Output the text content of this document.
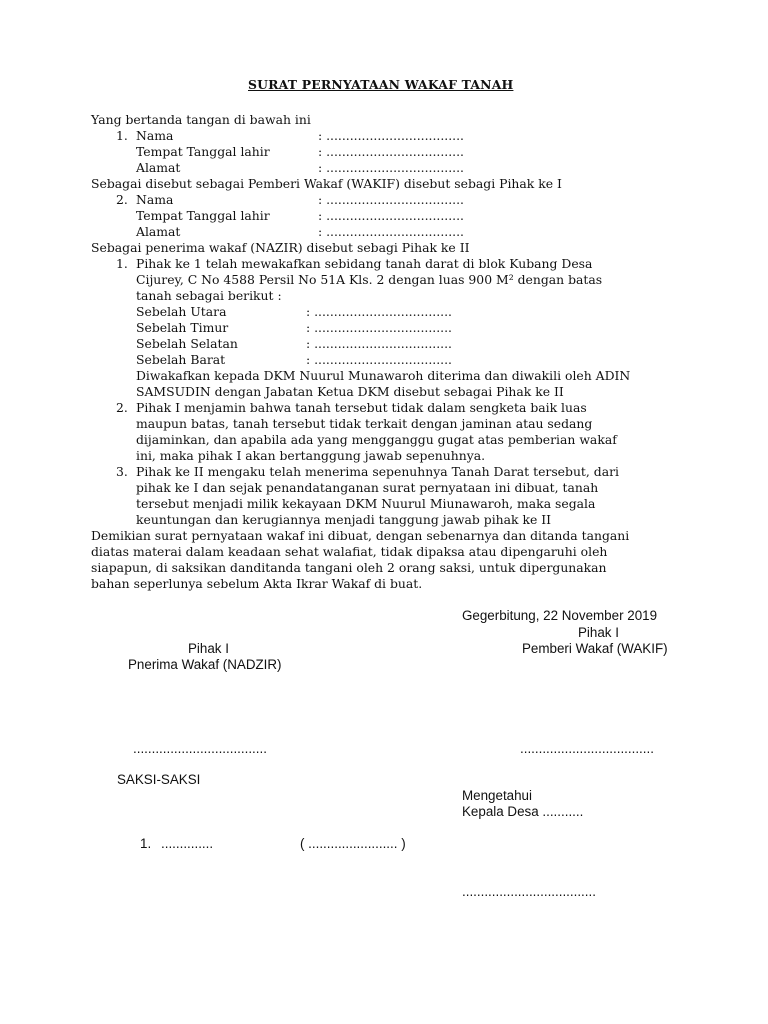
SURAT PERNYATAAN WAKAF TANAH
Yang bertanda tangan di bawah ini
1. Nama	: ...................................
Tempat Tanggal lahir	: ...................................
Alamat	: ...................................
Sebagai disebut sebagai Pemberi Wakaf (WAKIF) disebut sebagi Pihak ke I
2. Nama	: ...................................
Tempat Tanggal lahir	: ...................................
Alamat	: ...................................
Sebagai penerima wakaf (NAZIR) disebut sebagi Pihak ke II
1. Pihak ke 1 telah mewakafkan sebidang tanah darat di blok Kubang Desa
Cijurey, C No 4588 Persil No 51A Kls. 2 dengan luas 900 M² dengan batas
tanah sebagai berikut :
Sebelah Utara	: ...................................
Sebelah Timur	: ...................................
Sebelah Selatan	: ...................................
Sebelah Barat	: ...................................
Diwakafkan kepada DKM Nuurul Munawaroh diterima dan diwakili oleh ADIN
SAMSUDIN dengan Jabatan Ketua DKM disebut sebagai Pihak ke II
2. Pihak I menjamin bahwa tanah tersebut tidak dalam sengketa baik luas
maupun batas, tanah tersebut tidak terkait dengan jaminan atau sedang
dijaminkan, dan apabila ada yang mengganggu gugat atas pemberian wakaf
ini, maka pihak I akan bertanggung jawab sepenuhnya.
3. Pihak ke II mengaku telah menerima sepenuhnya Tanah Darat tersebut, dari
pihak ke I dan sejak penandatanganan surat pernyataan ini dibuat, tanah
tersebut menjadi milik kekayaan DKM Nuurul Miunawaroh, maka segala
keuntungan dan kerugiannya menjadi tanggung jawab pihak ke II
Demikian surat pernyataan wakaf ini dibuat, dengan sebenarnya dan ditanda tangani
diatas materai dalam keadaan sehat walafiat, tidak dipaksa atau dipengaruhi oleh
siapapun, di saksikan danditanda tangani oleh 2 orang saksi, untuk dipergunakan
bahan seperlunya sebelum Akta Ikrar Wakaf di buat.
Gegerbitung, 22 November 2019
Pihak I
Pihak I	Pemberi Wakaf (WAKIF)
Pnerima Wakaf (NADZIR)
....................................	....................................
SAKSI-SAKSI
Mengetahui
Kepala Desa ...........
1. ..............	( ........................ )
....................................
